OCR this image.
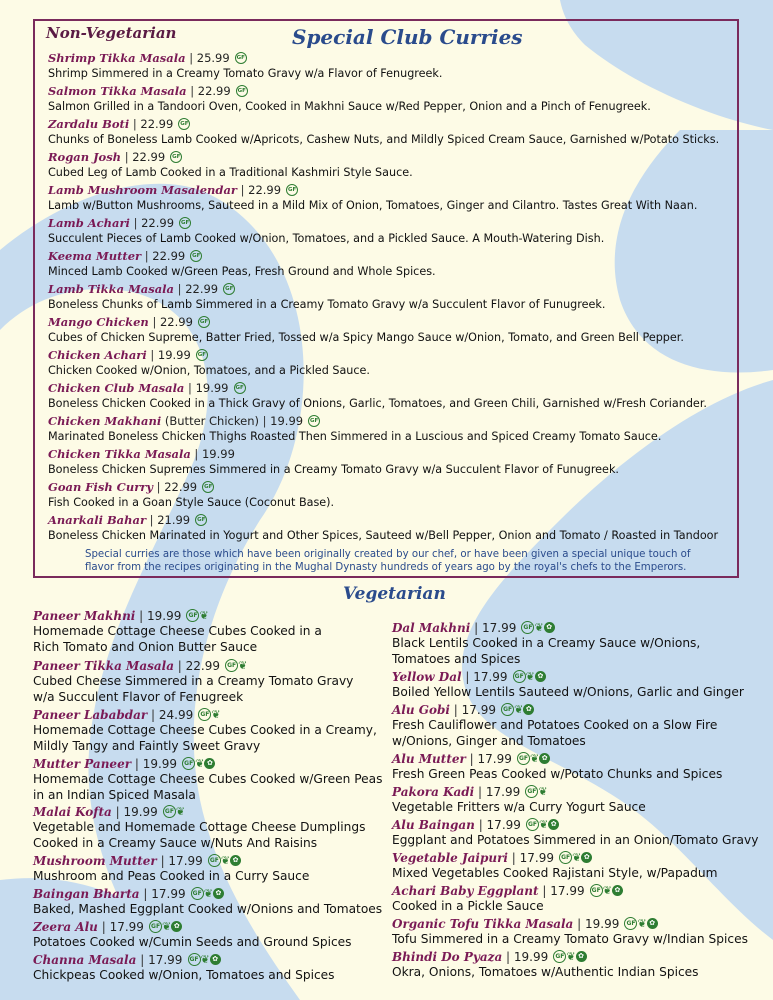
Non-Vegetarian	Special Club Curries
Shrimp Tikka Masala | 25.99 GF
Shrimp Simmered in a Creamy Tomato Gravy w/a Flavor of Fenugreek.
Salmon Tikka Masala | 22.99 GF
Salmon Grilled in a Tandoori Oven, Cooked in Makhni Sauce w/Red Pepper, Onion and a Pinch of Fenugreek.
Zardalu Boti | 22.99 GF
Chunks of Boneless Lamb Cooked w/Apricots, Cashew Nuts, and Mildly Spiced Cream Sauce, Garnished w/Potato Sticks.
Rogan Josh | 22.99 GF
Cubed Leg of Lamb Cooked in a Traditional Kashmiri Style Sauce.
Lamb Mushroom Masalendar | 22.99 GF
Lamb w/Button Mushrooms, Sauteed in a Mild Mix of Onion, Tomatoes, Ginger and Cilantro. Tastes Great With Naan.
Lamb Achari | 22.99 GF
Succulent Pieces of Lamb Cooked w/Onion, Tomatoes, and a Pickled Sauce. A Mouth-Watering Dish.
Keema Mutter | 22.99 GF
Minced Lamb Cooked w/Green Peas, Fresh Ground and Whole Spices.
Lamb Tikka Masala | 22.99 GF
Boneless Chunks of Lamb Simmered in a Creamy Tomato Gravy w/a Succulent Flavor of Funugreek.
Mango Chicken | 22.99 GF
Cubes of Chicken Supreme, Batter Fried, Tossed w/a Spicy Mango Sauce w/Onion, Tomato, and Green Bell Pepper.
Chicken Achari | 19.99 GF
Chicken Cooked w/Onion, Tomatoes, and a Pickled Sauce.
Chicken Club Masala | 19.99 GF
Boneless Chicken Cooked in a Thick Gravy of Onions, Garlic, Tomatoes, and Green Chili, Garnished w/Fresh Coriander.
Chicken Makhani (Butter Chicken) | 19.99 GF
Marinated Boneless Chicken Thighs Roasted Then Simmered in a Luscious and Spiced Creamy Tomato Sauce.
Chicken Tikka Masala | 19.99
Boneless Chicken Supremes Simmered in a Creamy Tomato Gravy w/a Succulent Flavor of Funugreek.
Goan Fish Curry | 22.99 GF
Fish Cooked in a Goan Style Sauce (Coconut Base).
Anarkali Bahar | 21.99 GF
Boneless Chicken Marinated in Yogurt and Other Spices, Sauteed w/Bell Pepper, Onion and Tomato / Roasted in Tandoor
Special curries are those which have been originally created by our chef, or have been given a special unique touch of
flavor from the recipes originating in the Mughal Dynasty hundreds of years ago by the royal's chefs to the Emperors.
Vegetarian
Paneer Makhni | 19.99 GF ❦
Homemade Cottage Cheese Cubes Cooked in a
Rich Tomato and Onion Butter Sauce
Paneer Tikka Masala | 22.99 GF ❦
Cubed Cheese Simmered in a Creamy Tomato Gravy
w/a Succulent Flavor of Fenugreek
Paneer Lababdar | 24.99 GF ❦
Homemade Cottage Cheese Cubes Cooked in a Creamy,
Mildly Tangy and Faintly Sweet Gravy
Mutter Paneer | 19.99 GF ❦ ✿
Homemade Cottage Cheese Cubes Cooked w/Green Peas
in an Indian Spiced Masala
Malai Kofta | 19.99 GF ❦
Vegetable and Homemade Cottage Cheese Dumplings
Cooked in a Creamy Sauce w/Nuts And Raisins
Mushroom Mutter | 17.99 GF ❦ ✿
Mushroom and Peas Cooked in a Curry Sauce
Baingan Bharta | 17.99 GF ❦ ✿
Baked, Mashed Eggplant Cooked w/Onions and Tomatoes
Zeera Alu | 17.99 GF ❦ ✿
Potatoes Cooked w/Cumin Seeds and Ground Spices
Channa Masala | 17.99 GF ❦ ✿
Chickpeas Cooked w/Onion, Tomatoes and Spices
Dal Makhni | 17.99 GF ❦ ✿
Black Lentils Cooked in a Creamy Sauce w/Onions,
Tomatoes and Spices
Yellow Dal | 17.99 GF ❦ ✿
Boiled Yellow Lentils Sauteed w/Onions, Garlic and Ginger
Alu Gobi | 17.99 GF ❦ ✿
Fresh Cauliflower and Potatoes Cooked on a Slow Fire
w/Onions, Ginger and Tomatoes
Alu Mutter | 17.99 GF ❦ ✿
Fresh Green Peas Cooked w/Potato Chunks and Spices
Pakora Kadi | 17.99 GF ❦
Vegetable Fritters w/a Curry Yogurt Sauce
Alu Baingan | 17.99 GF ❦ ✿
Eggplant and Potatoes Simmered in an Onion/Tomato Gravy
Vegetable Jaipuri | 17.99 GF ❦ ✿
Mixed Vegetables Cooked Rajistani Style, w/Papadum
Achari Baby Eggplant | 17.99 GF ❦ ✿
Cooked in a Pickle Sauce
Organic Tofu Tikka Masala | 19.99 GF ❦ ✿
Tofu Simmered in a Creamy Tomato Gravy w/Indian Spices
Bhindi Do Pyaza | 19.99 GF ❦ ✿
Okra, Onions, Tomatoes w/Authentic Indian Spices
